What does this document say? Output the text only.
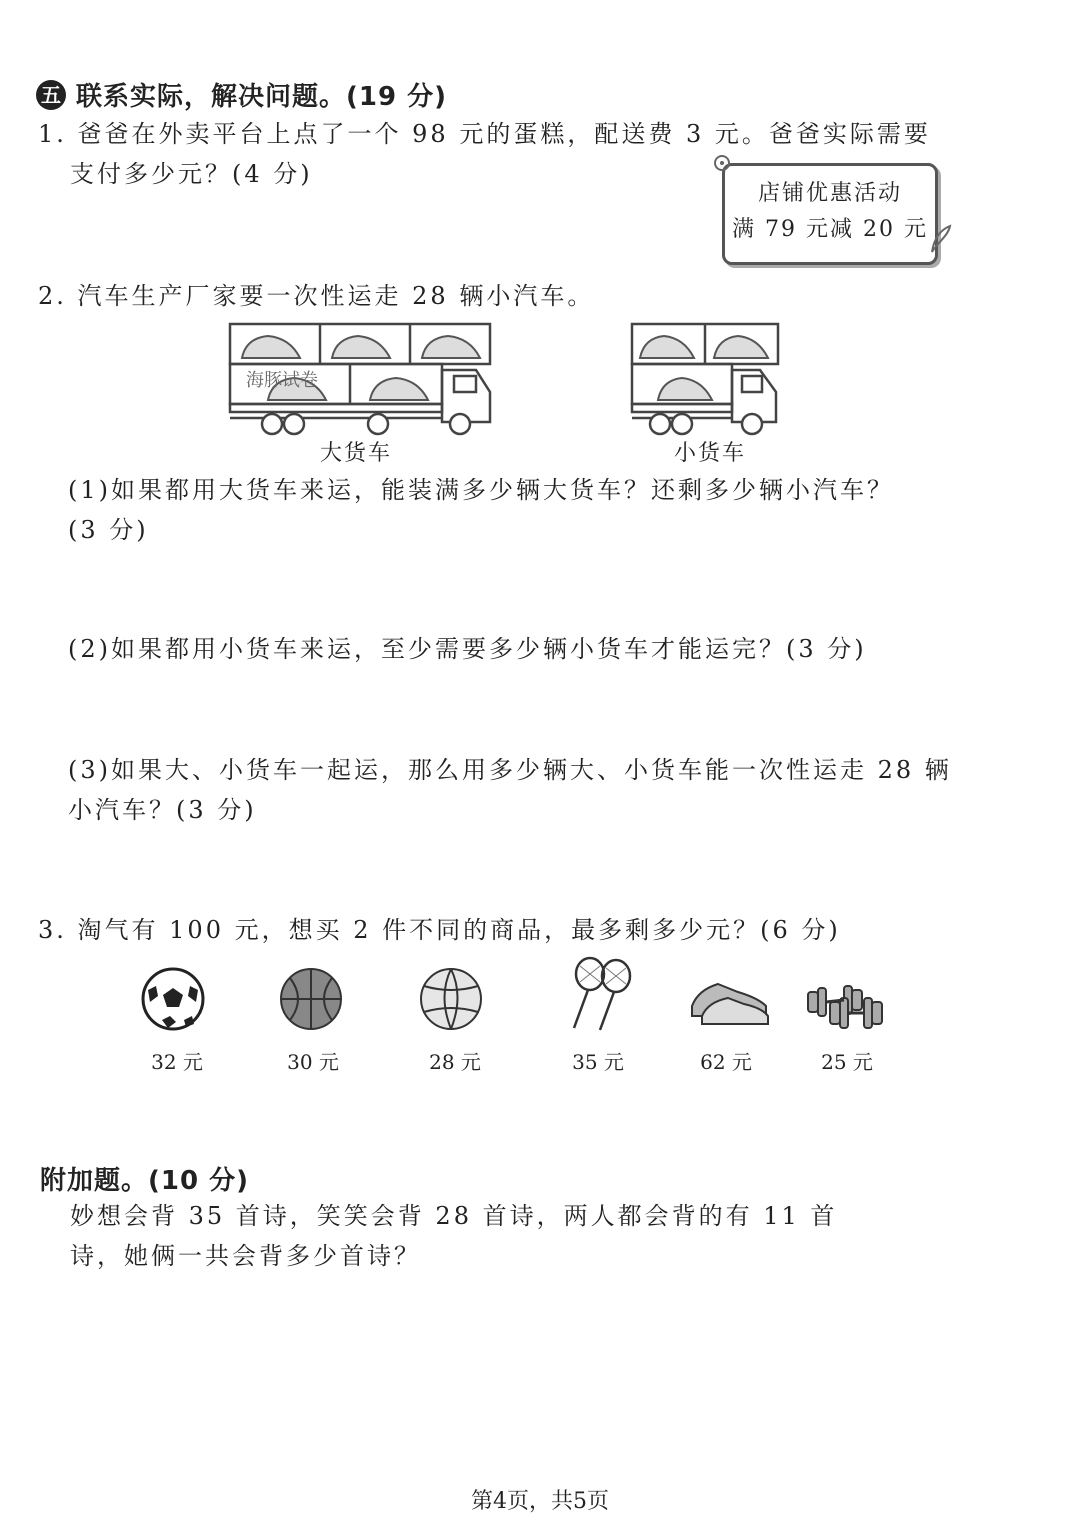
五 联系实际，解决问题。(19 分)
1. 爸爸在外卖平台上点了一个 98 元的蛋糕，配送费 3 元。爸爸实际需要
支付多少元？(4 分)
店铺优惠活动
满 79 元减 20 元
2. 汽车生产厂家要一次性运走 28 辆小汽车。
海豚试卷
大货车	小货车
(1)如果都用大货车来运，能装满多少辆大货车？还剩多少辆小汽车？
(3 分)
(2)如果都用小货车来运，至少需要多少辆小货车才能运完？(3 分)
(3)如果大、小货车一起运，那么用多少辆大、小货车能一次性运走 28 辆
小汽车？(3 分)
3. 淘气有 100 元，想买 2 件不同的商品，最多剩多少元？(6 分)
32 元	30 元	28 元	35 元	62 元	25 元
附加题。(10 分)
妙想会背 35 首诗，笑笑会背 28 首诗，两人都会背的有 11 首
诗，她俩一共会背多少首诗？
第4页，共5页
